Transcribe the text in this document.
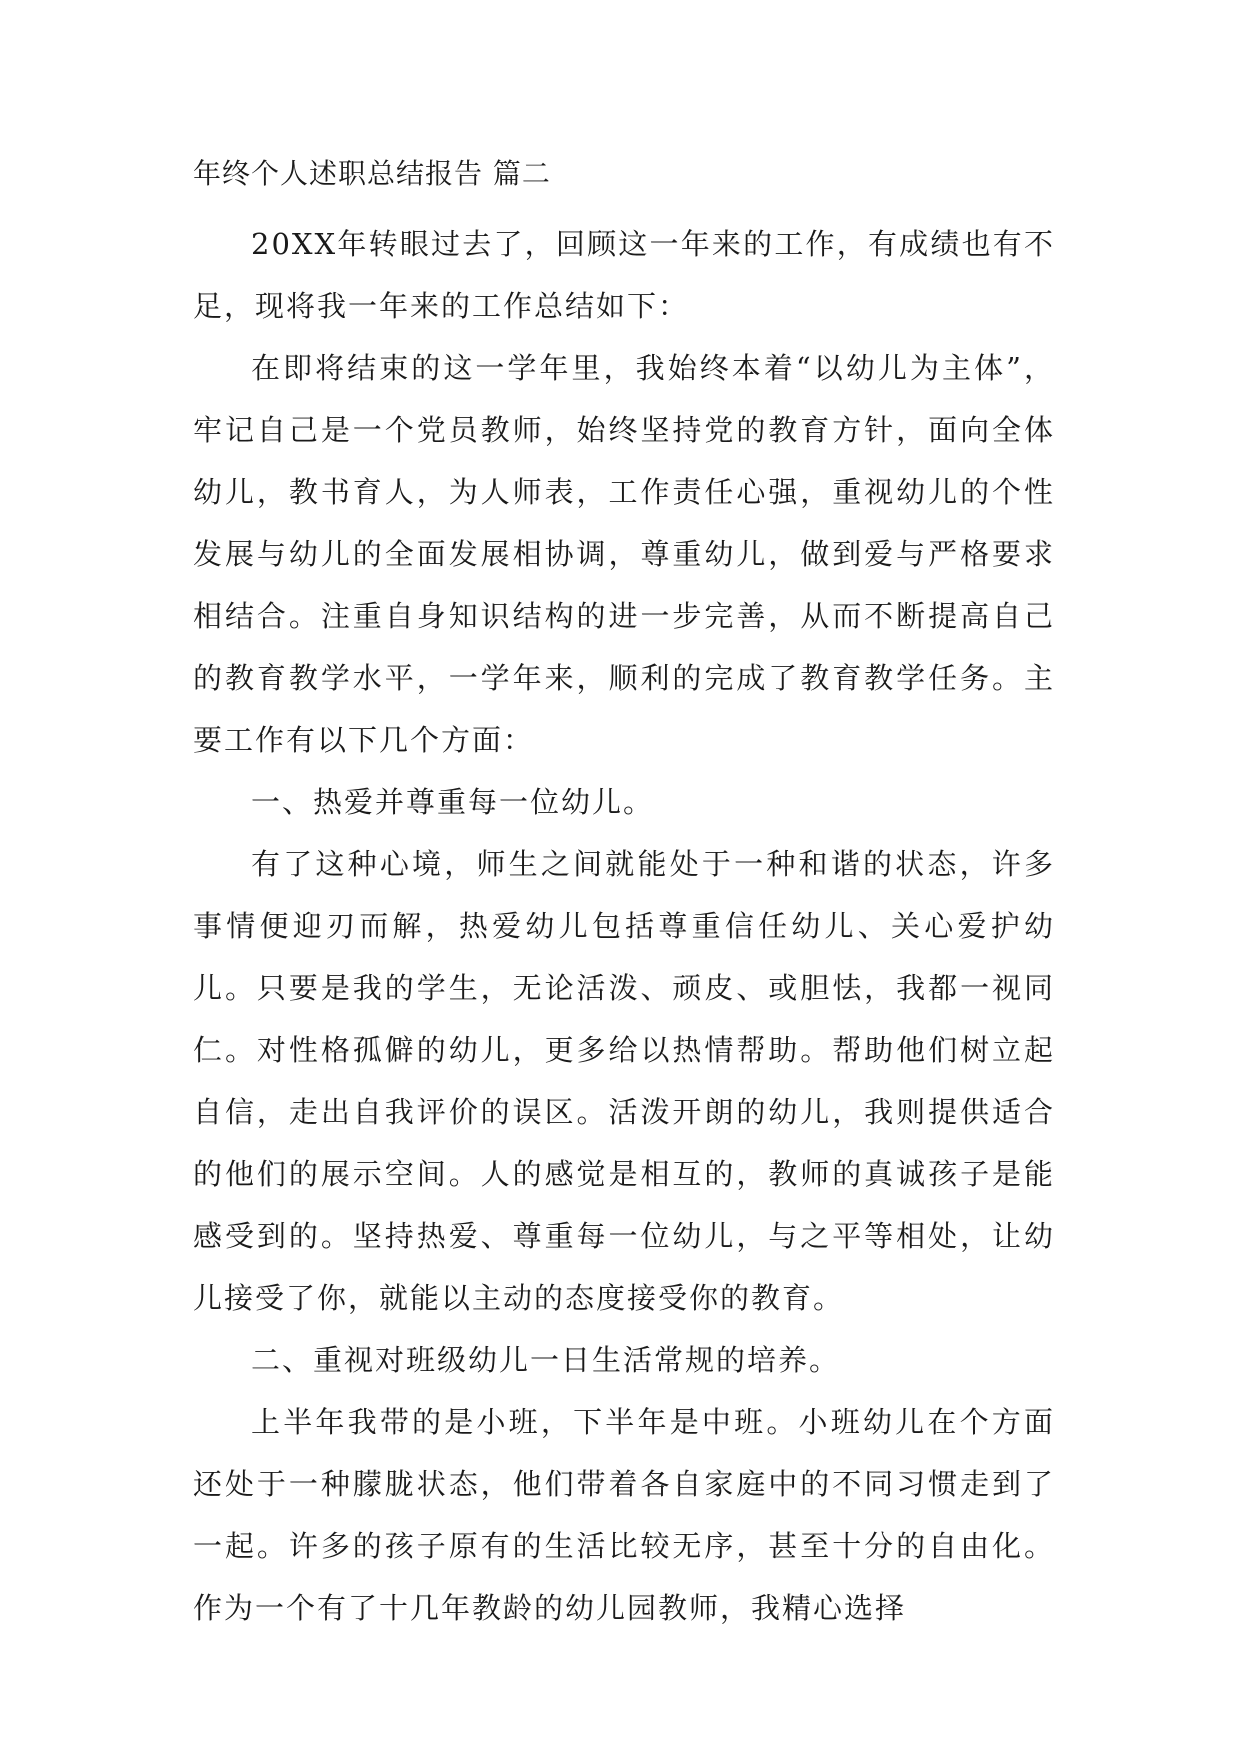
年终个人述职总结报告 篇二

20XX年转眼过去了，回顾这一年来的工作，有成绩也有不足，现将我一年来的工作总结如下：

在即将结束的这一学年里，我始终本着“以幼儿为主体”，牢记自己是一个党员教师，始终坚持党的教育方针，面向全体幼儿，教书育人，为人师表，工作责任心强，重视幼儿的个性发展与幼儿的全面发展相协调，尊重幼儿，做到爱与严格要求相结合。注重自身知识结构的进一步完善，从而不断提高自己的教育教学水平，一学年来，顺利的完成了教育教学任务。主要工作有以下几个方面：

一、热爱并尊重每一位幼儿。

有了这种心境，师生之间就能处于一种和谐的状态，许多事情便迎刃而解，热爱幼儿包括尊重信任幼儿、关心爱护幼儿。只要是我的学生，无论活泼、顽皮、或胆怯，我都一视同仁。对性格孤僻的幼儿，更多给以热情帮助。帮助他们树立起自信，走出自我评价的误区。活泼开朗的幼儿，我则提供适合的他们的展示空间。人的感觉是相互的，教师的真诚孩子是能感受到的。坚持热爱、尊重每一位幼儿，与之平等相处，让幼儿接受了你，就能以主动的态度接受你的教育。

二、重视对班级幼儿一日生活常规的培养。

上半年我带的是小班，下半年是中班。小班幼儿在个方面还处于一种朦胧状态，他们带着各自家庭中的不同习惯走到了一起。许多的孩子原有的生活比较无序，甚至十分的自由化。作为一个有了十几年教龄的幼儿园教师，我精心选择
